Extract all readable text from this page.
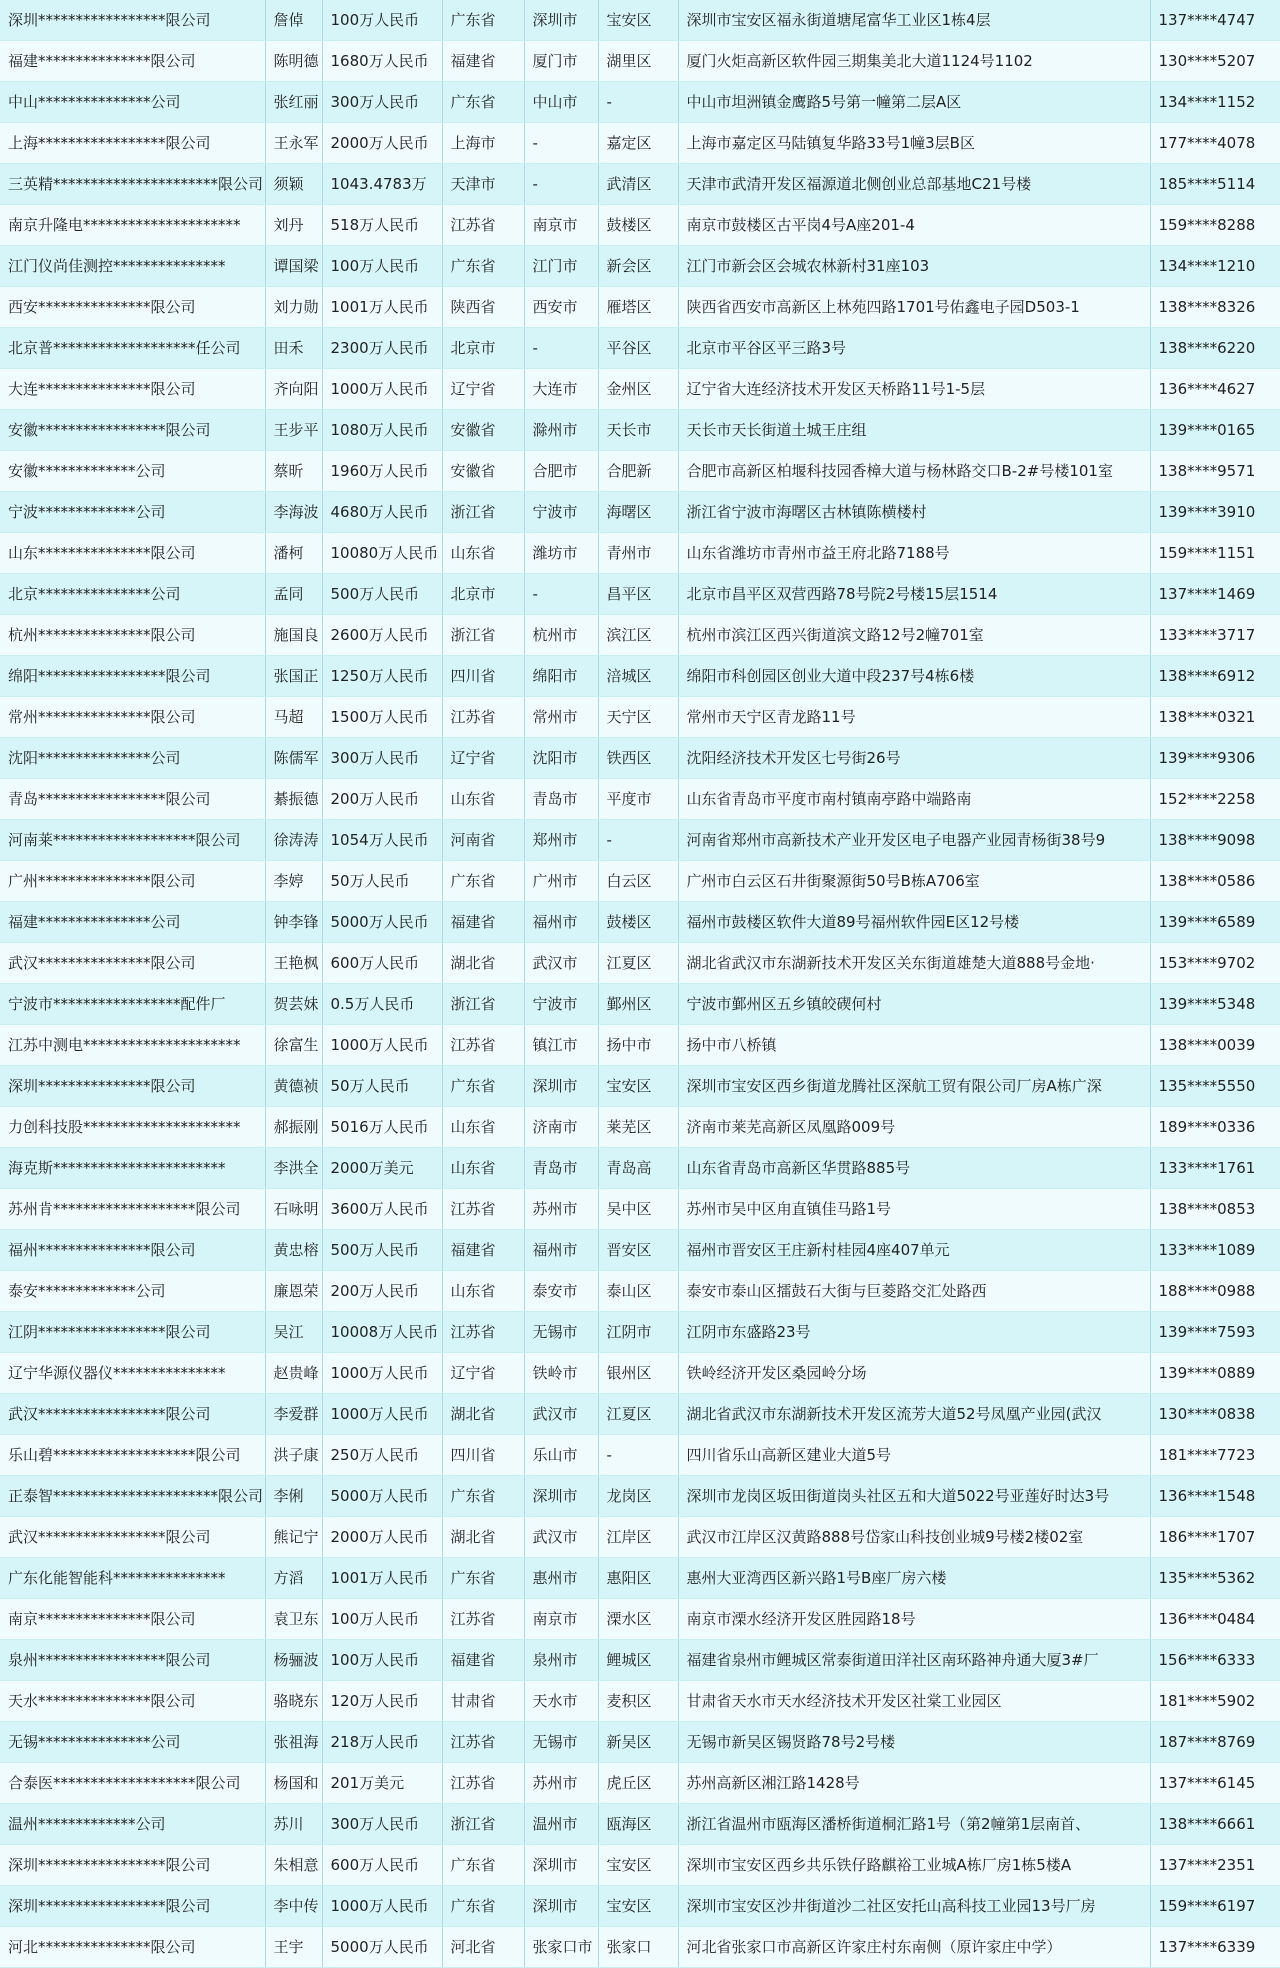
深圳*****************限公司	詹倬	100万人民币	广东省	深圳市	宝安区	深圳市宝安区福永街道塘尾富华工业区1栋4层	137****4747
福建***************限公司	陈明德	1680万人民币	福建省	厦门市	湖里区	厦门火炬高新区软件园三期集美北大道1124号1102	130****5207
中山***************公司	张红丽	300万人民币	广东省	中山市	-	中山市坦洲镇金鹰路5号第一幢第二层A区	134****1152
上海*****************限公司	王永军	2000万人民币	上海市	-	嘉定区	上海市嘉定区马陆镇复华路33号1幢3层B区	177****4078
三英精**********************限公司	须颖	1043.4783万	天津市	-	武清区	天津市武清开发区福源道北侧创业总部基地C21号楼	185****5114
南京升隆电*********************	刘丹	518万人民币	江苏省	南京市	鼓楼区	南京市鼓楼区古平岗4号A座201-4	159****8288
江门仪尚佳测控***************	谭国梁	100万人民币	广东省	江门市	新会区	江门市新会区会城农林新村31座103	134****1210
西安***************限公司	刘力勋	1001万人民币	陕西省	西安市	雁塔区	陕西省西安市高新区上林苑四路1701号佑鑫电子园D503-1	138****8326
北京普*******************任公司	田禾	2300万人民币	北京市	-	平谷区	北京市平谷区平三路3号	138****6220
大连***************限公司	齐向阳	1000万人民币	辽宁省	大连市	金州区	辽宁省大连经济技术开发区天桥路11号1-5层	136****4627
安徽*****************限公司	王步平	1080万人民币	安徽省	滁州市	天长市	天长市天长街道土城王庄组	139****0165
安徽*************公司	蔡昕	1960万人民币	安徽省	合肥市	合肥新	合肥市高新区柏堰科技园香樟大道与杨林路交口B-2#号楼101室	138****9571
宁波*************公司	李海波	4680万人民币	浙江省	宁波市	海曙区	浙江省宁波市海曙区古林镇陈横楼村	139****3910
山东***************限公司	潘柯	10080万人民币	山东省	潍坊市	青州市	山东省潍坊市青州市益王府北路7188号	159****1151
北京***************公司	孟同	500万人民币	北京市	-	昌平区	北京市昌平区双营西路78号院2号楼15层1514	137****1469
杭州***************限公司	施国良	2600万人民币	浙江省	杭州市	滨江区	杭州市滨江区西兴街道滨文路12号2幢701室	133****3717
绵阳*****************限公司	张国正	1250万人民币	四川省	绵阳市	涪城区	绵阳市科创园区创业大道中段237号4栋6楼	138****6912
常州***************限公司	马超	1500万人民币	江苏省	常州市	天宁区	常州市天宁区青龙路11号	138****0321
沈阳***************公司	陈儒军	300万人民币	辽宁省	沈阳市	铁西区	沈阳经济技术开发区七号街26号	139****9306
青岛*****************限公司	綦振德	200万人民币	山东省	青岛市	平度市	山东省青岛市平度市南村镇南亭路中端路南	152****2258
河南莱*******************限公司	徐涛涛	1054万人民币	河南省	郑州市	-	河南省郑州市高新技术产业开发区电子电器产业园青杨街38号9	138****9098
广州***************限公司	李婷	50万人民币	广东省	广州市	白云区	广州市白云区石井街聚源街50号B栋A706室	138****0586
福建***************公司	钟李锋	5000万人民币	福建省	福州市	鼓楼区	福州市鼓楼区软件大道89号福州软件园E区12号楼	139****6589
武汉***************限公司	王艳枫	600万人民币	湖北省	武汉市	江夏区	湖北省武汉市东湖新技术开发区关东街道雄楚大道888号金地·	153****9702
宁波市*****************配件厂	贺芸妹	0.5万人民币	浙江省	宁波市	鄞州区	宁波市鄞州区五乡镇皎碶何村	139****5348
江苏中测电*********************	徐富生	1000万人民币	江苏省	镇江市	扬中市	扬中市八桥镇	138****0039
深圳***************限公司	黄德祯	50万人民币	广东省	深圳市	宝安区	深圳市宝安区西乡街道龙腾社区深航工贸有限公司厂房A栋广深	135****5550
力创科技股*********************	郝振刚	5016万人民币	山东省	济南市	莱芜区	济南市莱芜高新区凤凰路009号	189****0336
海克斯***********************	李洪全	2000万美元	山东省	青岛市	青岛高	山东省青岛市高新区华贯路885号	133****1761
苏州肯*******************限公司	石咏明	3600万人民币	江苏省	苏州市	吴中区	苏州市吴中区甪直镇佳马路1号	138****0853
福州***************限公司	黄忠榕	500万人民币	福建省	福州市	晋安区	福州市晋安区王庄新村桂园4座407单元	133****1089
泰安*************公司	廉恩荣	200万人民币	山东省	泰安市	泰山区	泰安市泰山区擂鼓石大街与巨菱路交汇处路西	188****0988
江阴*****************限公司	吴江	10008万人民币	江苏省	无锡市	江阴市	江阴市东盛路23号	139****7593
辽宁华源仪器仪***************	赵贵峰	1000万人民币	辽宁省	铁岭市	银州区	铁岭经济开发区桑园岭分场	139****0889
武汉*****************限公司	李爱群	1000万人民币	湖北省	武汉市	江夏区	湖北省武汉市东湖新技术开发区流芳大道52号凤凰产业园(武汉	130****0838
乐山碧*******************限公司	洪子康	250万人民币	四川省	乐山市	-	四川省乐山高新区建业大道5号	181****7723
正泰智**********************限公司	李俐	5000万人民币	广东省	深圳市	龙岗区	深圳市龙岗区坂田街道岗头社区五和大道5022号亚莲好时达3号	136****1548
武汉*****************限公司	熊记宁	2000万人民币	湖北省	武汉市	江岸区	武汉市江岸区汉黄路888号岱家山科技创业城9号楼2楼02室	186****1707
广东化能智能科***************	方滔	1001万人民币	广东省	惠州市	惠阳区	惠州大亚湾西区新兴路1号B座厂房六楼	135****5362
南京***************限公司	袁卫东	100万人民币	江苏省	南京市	溧水区	南京市溧水经济开发区胜园路18号	136****0484
泉州*****************限公司	杨骊波	100万人民币	福建省	泉州市	鲤城区	福建省泉州市鲤城区常泰街道田洋社区南环路神舟通大厦3#厂	156****6333
天水***************限公司	骆晓东	120万人民币	甘肃省	天水市	麦积区	甘肃省天水市天水经济技术开发区社棠工业园区	181****5902
无锡***************公司	张祖海	218万人民币	江苏省	无锡市	新吴区	无锡市新吴区锡贤路78号2号楼	187****8769
合泰医*******************限公司	杨国和	201万美元	江苏省	苏州市	虎丘区	苏州高新区湘江路1428号	137****6145
温州*************公司	苏川	300万人民币	浙江省	温州市	瓯海区	浙江省温州市瓯海区潘桥街道桐汇路1号（第2幢第1层南首、	138****6661
深圳*****************限公司	朱相意	600万人民币	广东省	深圳市	宝安区	深圳市宝安区西乡共乐铁仔路麒裕工业城A栋厂房1栋5楼A	137****2351
深圳*****************限公司	李中传	1000万人民币	广东省	深圳市	宝安区	深圳市宝安区沙井街道沙二社区安托山高科技工业园13号厂房	159****6197
河北***************限公司	王宇	5000万人民币	河北省	张家口市	张家口	河北省张家口市高新区许家庄村东南侧（原许家庄中学）	137****6339
